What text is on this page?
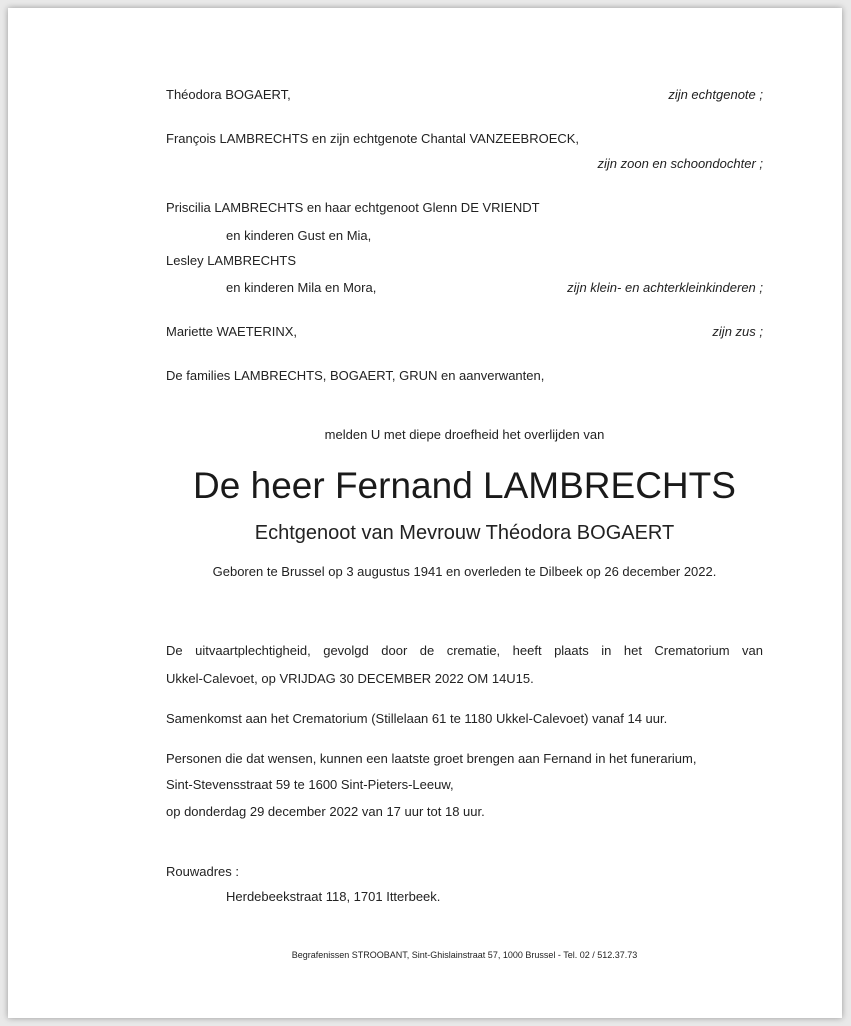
Théodora BOGAERT,	zijn echtgenote ;
François LAMBRECHTS en zijn echtgenote Chantal VANZEEBROECK,
zijn zoon en schoondochter ;
Priscilia LAMBRECHTS en haar echtgenoot Glenn DE VRIENDT
en kinderen Gust en Mia,
Lesley LAMBRECHTS
en kinderen Mila en Mora,	zijn klein- en achterkleinkinderen ;
Mariette WAETERINX,	zijn zus ;
De families LAMBRECHTS, BOGAERT, GRUN en aanverwanten,
melden U met diepe droefheid het overlijden van
De heer Fernand LAMBRECHTS
Echtgenoot van Mevrouw Théodora BOGAERT
Geboren te Brussel op 3 augustus 1941 en overleden te Dilbeek op 26 december 2022.
De uitvaartplechtigheid, gevolgd door de crematie, heeft plaats in het Crematorium van
Ukkel-Calevoet, op VRIJDAG 30 DECEMBER 2022 OM 14U15.
Samenkomst aan het Crematorium (Stillelaan 61 te 1180 Ukkel-Calevoet) vanaf 14 uur.
Personen die dat wensen, kunnen een laatste groet brengen aan Fernand in het funerarium,
Sint-Stevensstraat 59 te 1600 Sint-Pieters-Leeuw,
op donderdag 29 december 2022 van 17 uur tot 18 uur.
Rouwadres :
Herdebeekstraat 118, 1701 Itterbeek.
Begrafenissen STROOBANT, Sint-Ghislainstraat 57, 1000 Brussel - Tel. 02 / 512.37.73
